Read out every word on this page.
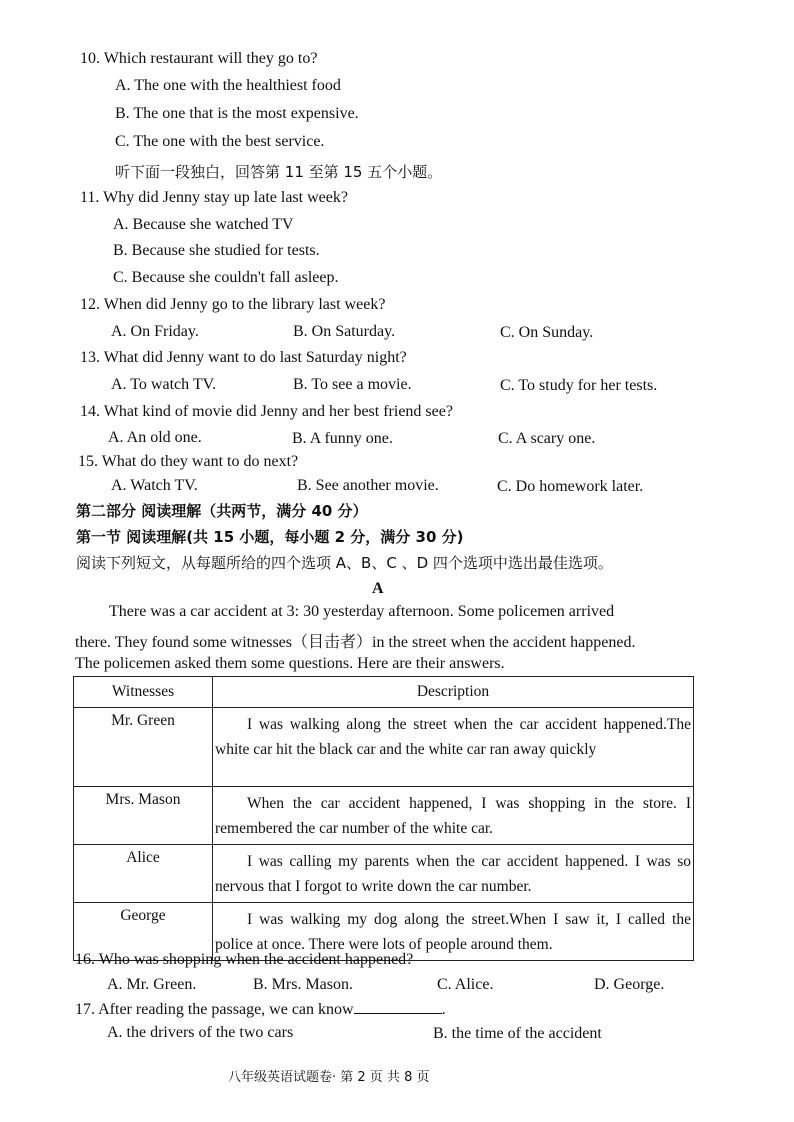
10. Which restaurant will they go to?
A. The one with the healthiest food
B. The one that is the most expensive.
C. The one with the best service.
听下面一段独白，回答第 11 至第 15 五个小题。
11. Why did Jenny stay up late last week?
A. Because she watched TV
B. Because she studied for tests.
C. Because she couldn't fall asleep.
12. When did Jenny go to the library last week?
A. On Friday.	B. On Saturday.	C. On Sunday.
13. What did Jenny want to do last Saturday night?
A. To watch TV.	B. To see a movie.	C. To study for her tests.
14. What kind of movie did Jenny and her best friend see?
A. An old one.	B. A funny one.	C. A scary one.
15. What do they want to do next?
A. Watch TV.	B. See another movie.	C. Do homework later.
第二部分 阅读理解（共两节，满分 40 分）
第一节 阅读理解(共 15 小题，每小题 2 分，满分 30 分)
阅读下列短文，从每题所给的四个选项 A、B、C 、D 四个选项中选出最佳选项。
A
There was a car accident at 3: 30 yesterday afternoon. Some policemen arrived
there. They found some witnesses（目击者）in the street when the accident happened.
The policemen asked them some questions. Here are their answers.
Witnesses	Description
Mr. Green	I was walking along the street when the car accident happened.The white car hit the black car and the white car ran away quickly
Mrs. Mason	When the car accident happened, I was shopping in the store. I remembered the car number of the white car.
Alice	I was calling my parents when the car accident happened. I was so nervous that I forgot to write down the car number.
George	I was walking my dog along the street.When I saw it, I called the police at once. There were lots of people around them.
16. Who was shopping when the accident happened?
A. Mr. Green.	B. Mrs. Mason.	C. Alice.	D. George.
17. After reading the passage, we can know	.
A. the drivers of the two cars	B. the time of the accident
八年级英语试题卷· 第 2 页 共 8 页
